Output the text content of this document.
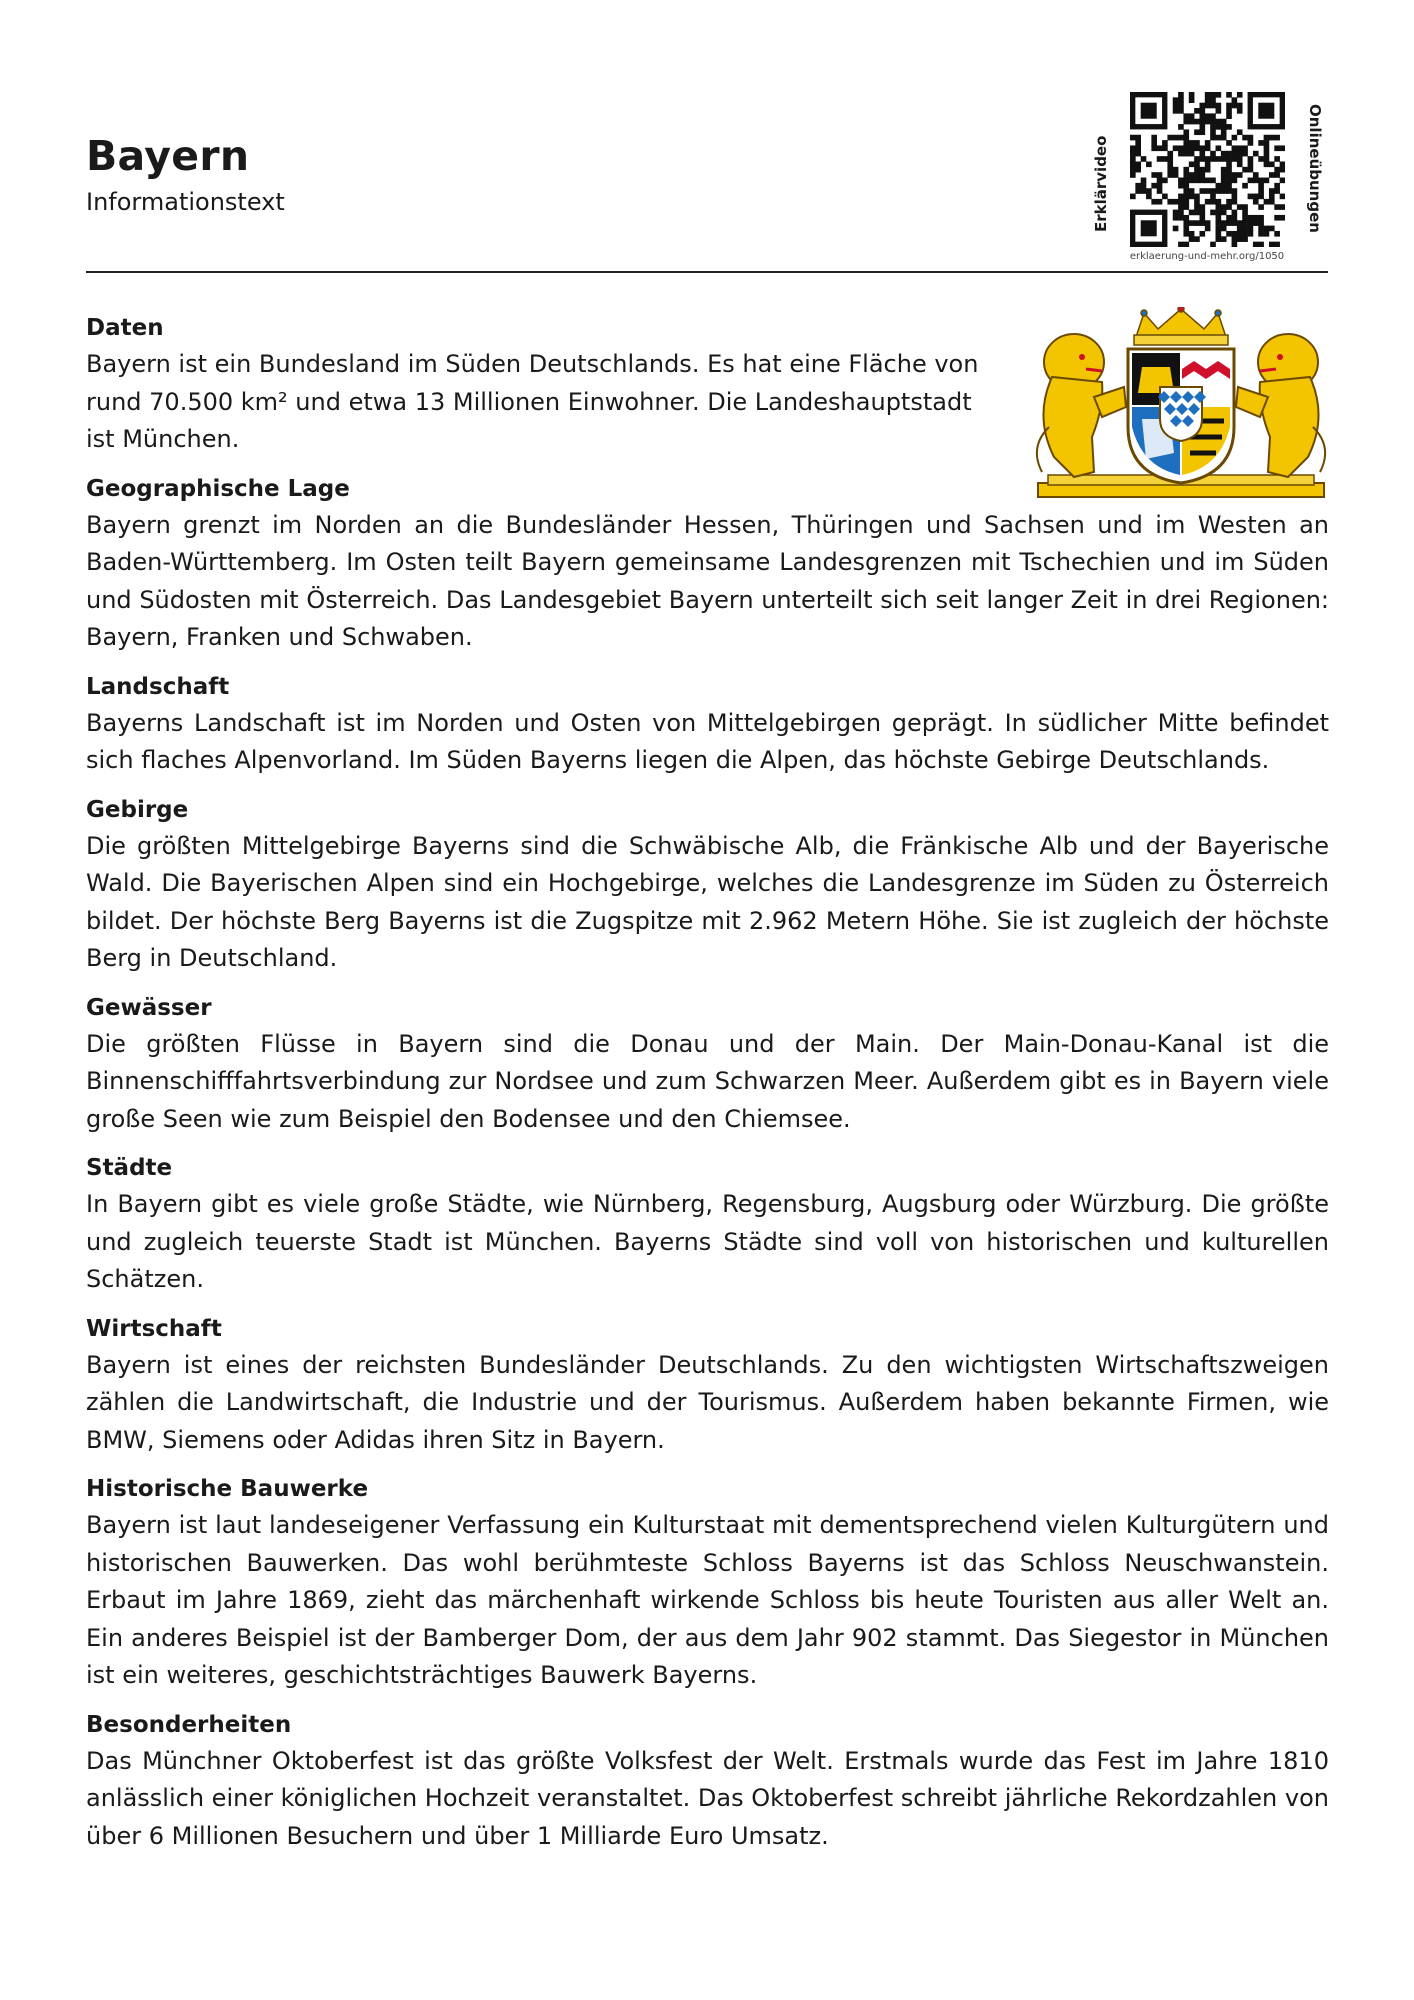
Bayern
Informationstext	Erklärvideo	Onlineübungen
erklaerung-und-mehr.org/1050
Daten

Bayern ist ein Bundesland im Süden Deutschlands. Es hat eine Fläche von rund 70.500 km² und etwa 13 Millionen Einwohner. Die Landeshauptstadt ist München.

Geographische Lage

Bayern grenzt im Norden an die Bundesländer Hessen, Thüringen und Sachsen und im Westen an Baden-Württemberg. Im Osten teilt Bayern gemeinsame Landesgrenzen mit Tschechien und im Süden und Südosten mit Österreich. Das Landesgebiet Bayern unterteilt sich seit langer Zeit in drei Regionen: Bayern, Franken und Schwaben.

Landschaft

Bayerns Landschaft ist im Norden und Osten von Mittelgebirgen geprägt. In südlicher Mitte befindet sich flaches Alpenvorland. Im Süden Bayerns liegen die Alpen, das höchste Gebirge Deutschlands.

Gebirge

Die größten Mittelgebirge Bayerns sind die Schwäbische Alb, die Fränkische Alb und der Bayerische Wald. Die Bayerischen Alpen sind ein Hochgebirge, welches die Landesgrenze im Süden zu Österreich bildet. Der höchste Berg Bayerns ist die Zugspitze mit 2.962 Metern Höhe. Sie ist zugleich der höchste Berg in Deutschland.

Gewässer

Die größten Flüsse in Bayern sind die Donau und der Main. Der Main-Donau-Kanal ist die Binnenschifffahrtsverbindung zur Nordsee und zum Schwarzen Meer. Außerdem gibt es in Bayern viele große Seen wie zum Beispiel den Bodensee und den Chiemsee.

Städte

In Bayern gibt es viele große Städte, wie Nürnberg, Regensburg, Augsburg oder Würzburg. Die größte und zugleich teuerste Stadt ist München. Bayerns Städte sind voll von historischen und kulturellen Schätzen.

Wirtschaft

Bayern ist eines der reichsten Bundesländer Deutschlands. Zu den wichtigsten Wirtschaftszweigen zählen die Landwirtschaft, die Industrie und der Tourismus. Außerdem haben bekannte Firmen, wie BMW, Siemens oder Adidas ihren Sitz in Bayern.

Historische Bauwerke

Bayern ist laut landeseigener Verfassung ein Kulturstaat mit dementsprechend vielen Kulturgütern und historischen Bauwerken. Das wohl berühmteste Schloss Bayerns ist das Schloss Neuschwanstein. Erbaut im Jahre 1869, zieht das märchenhaft wirkende Schloss bis heute Touristen aus aller Welt an. Ein anderes Beispiel ist der Bamberger Dom, der aus dem Jahr 902 stammt. Das Siegestor in München ist ein weiteres, geschichtsträchtiges Bauwerk Bayerns.

Besonderheiten

Das Münchner Oktoberfest ist das größte Volksfest der Welt. Erstmals wurde das Fest im Jahre 1810 anlässlich einer königlichen Hochzeit veranstaltet. Das Oktoberfest schreibt jährliche Rekordzahlen von über 6 Millionen Besuchern und über 1 Milliarde Euro Umsatz.
